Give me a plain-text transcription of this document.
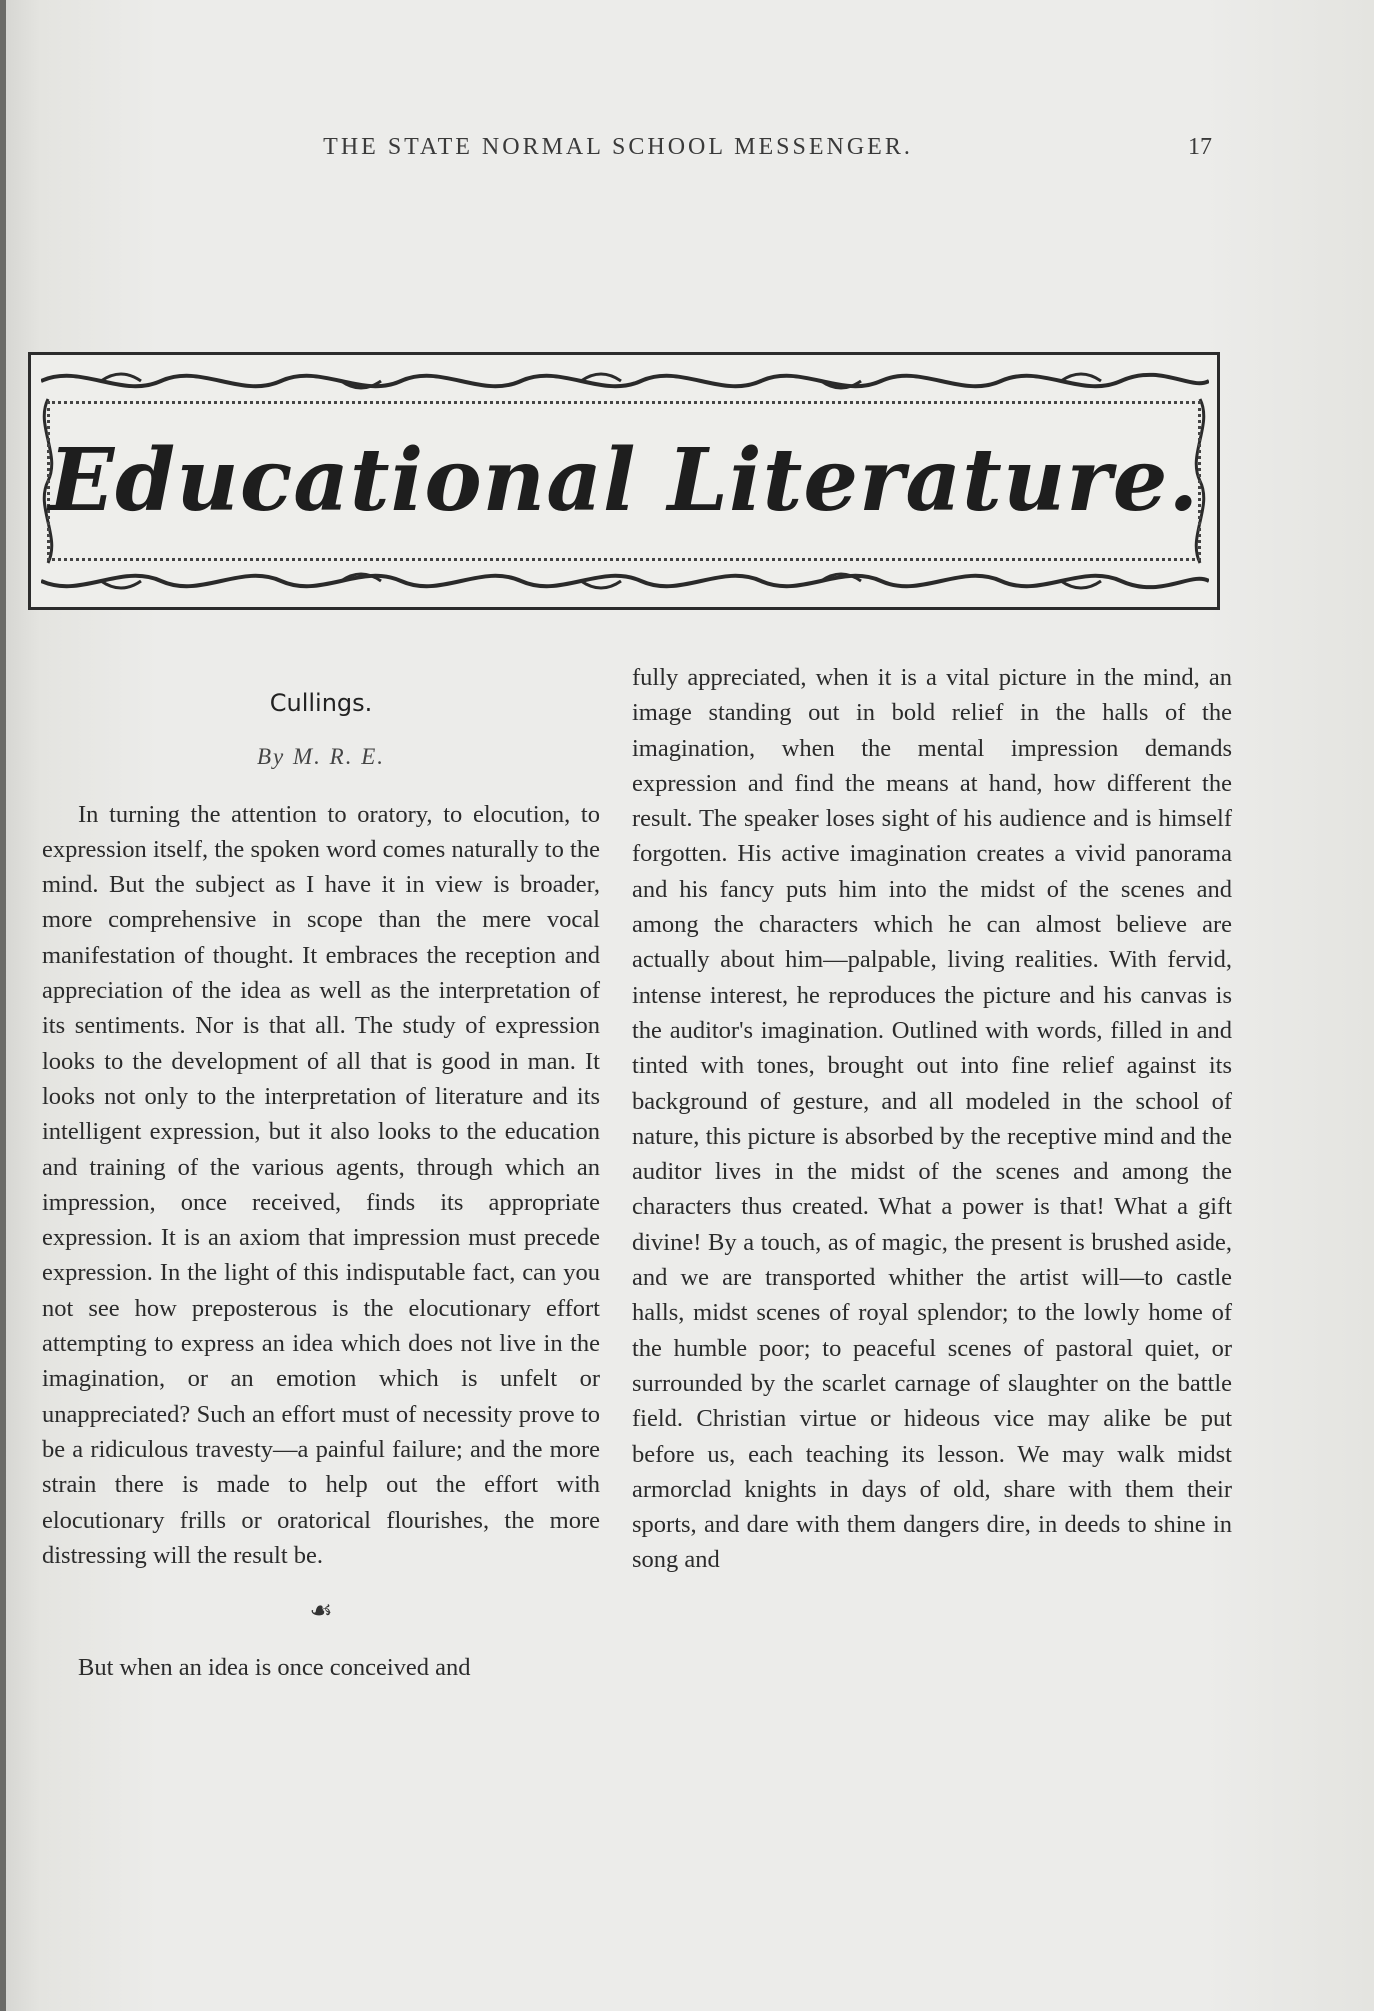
THE STATE NORMAL SCHOOL MESSENGER.	17
Educational Literature.
Cullings.
By M. R. E.

In turning the attention to oratory, to elocution, to expression itself, the spoken word comes naturally to the mind. But the subject as I have it in view is broader, more comprehensive in scope than the mere vocal manifestation of thought. It embraces the reception and appreciation of the idea as well as the interpretation of its sentiments. Nor is that all. The study of expression looks to the development of all that is good in man. It looks not only to the interpretation of literature and its intelligent expression, but it also looks to the education and training of the various agents, through which an impression, once received, finds its appropriate expression. It is an axiom that impression must precede expression. In the light of this indisputable fact, can you not see how preposterous is the elocutionary effort attempting to express an idea which does not live in the imagination, or an emotion which is unfelt or unappreciated? Such an effort must of necessity prove to be a ridiculous travesty—a painful failure; and the more strain there is made to help out the effort with elocutionary frills or oratorical flourishes, the more distressing will the result be.

☙

But when an idea is once conceived and

fully appreciated, when it is a vital picture in the mind, an image standing out in bold relief in the halls of the imagination, when the mental impression demands expression and find the means at hand, how different the result. The speaker loses sight of his audience and is himself forgotten. His active imagination creates a vivid panorama and his fancy puts him into the midst of the scenes and among the characters which he can almost believe are actually about him—palpable, living realities. With fervid, intense interest, he reproduces the picture and his canvas is the auditor's imagination. Outlined with words, filled in and tinted with tones, brought out into fine relief against its background of gesture, and all modeled in the school of nature, this picture is absorbed by the receptive mind and the auditor lives in the midst of the scenes and among the characters thus created. What a power is that! What a gift divine! By a touch, as of magic, the present is brushed aside, and we are transported whither the artist will—to castle halls, midst scenes of royal splendor; to the lowly home of the humble poor; to peaceful scenes of pastoral quiet, or surrounded by the scarlet carnage of slaughter on the battle field. Christian virtue or hideous vice may alike be put before us, each teaching its lesson. We may walk midst armorclad knights in days of old, share with them their sports, and dare with them dangers dire, in deeds to shine in song and
